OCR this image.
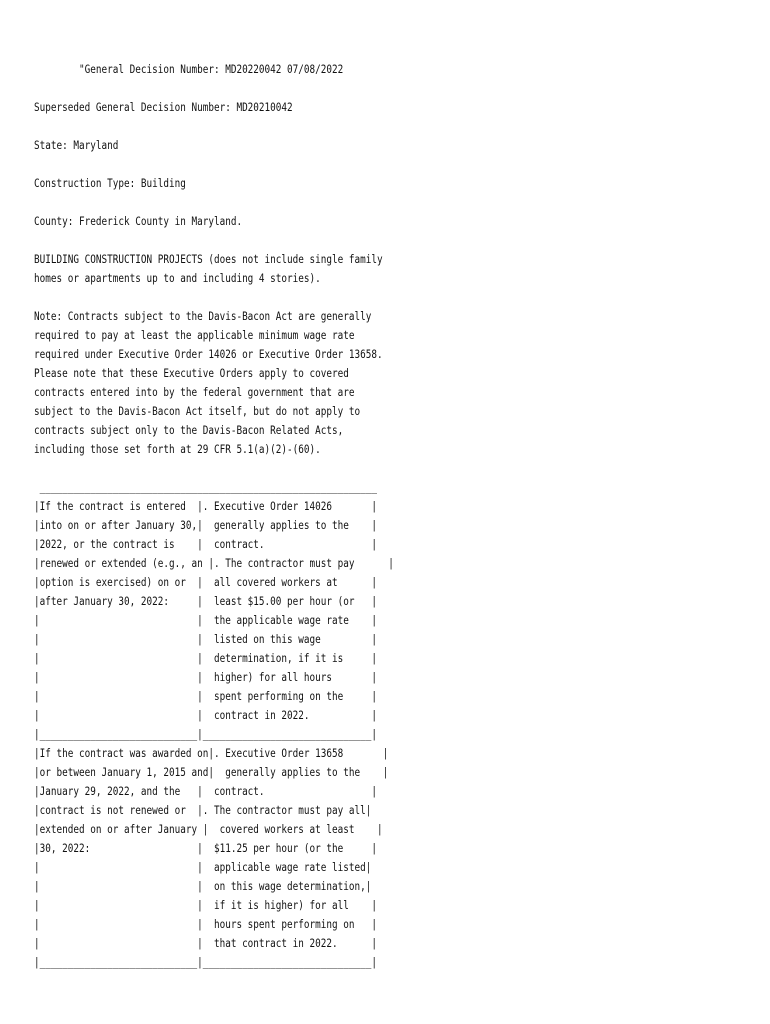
"General Decision Number: MD20220042 07/08/2022
Superseded General Decision Number: MD20210042
State: Maryland
Construction Type: Building
County: Frederick County in Maryland.
BUILDING CONSTRUCTION PROJECTS (does not include single family
homes or apartments up to and including 4 stories).
Note: Contracts subject to the Davis-Bacon Act are generally
required to pay at least the applicable minimum wage rate
required under Executive Order 14026 or Executive Order 13658.
Please note that these Executive Orders apply to covered
contracts entered into by the federal government that are
subject to the Davis-Bacon Act itself, but do not apply to
contracts subject only to the Davis-Bacon Related Acts,
including those set forth at 29 CFR 5.1(a)(2)-(60).
____________________________________________________________
|If the contract is entered  |. Executive Order 14026       |
|into on or after January 30,|  generally applies to the    |
|2022, or the contract is    |  contract.                   |
|renewed or extended (e.g., an |. The contractor must pay      |
|option is exercised) on or  |  all covered workers at      |
|after January 30, 2022:     |  least $15.00 per hour (or   |
|                            |  the applicable wage rate    |
|                            |  listed on this wage         |
|                            |  determination, if it is     |
|                            |  higher) for all hours       |
|                            |  spent performing on the     |
|                            |  contract in 2022.           |
|____________________________|______________________________|
|If the contract was awarded on|. Executive Order 13658       |
|or between January 1, 2015 and|  generally applies to the    |
|January 29, 2022, and the   |  contract.                   |
|contract is not renewed or  |. The contractor must pay all|
|extended on or after January |  covered workers at least    |
|30, 2022:                   |  $11.25 per hour (or the     |
|                            |  applicable wage rate listed|
|                            |  on this wage determination,|
|                            |  if it is higher) for all    |
|                            |  hours spent performing on   |
|                            |  that contract in 2022.      |
|____________________________|______________________________|
